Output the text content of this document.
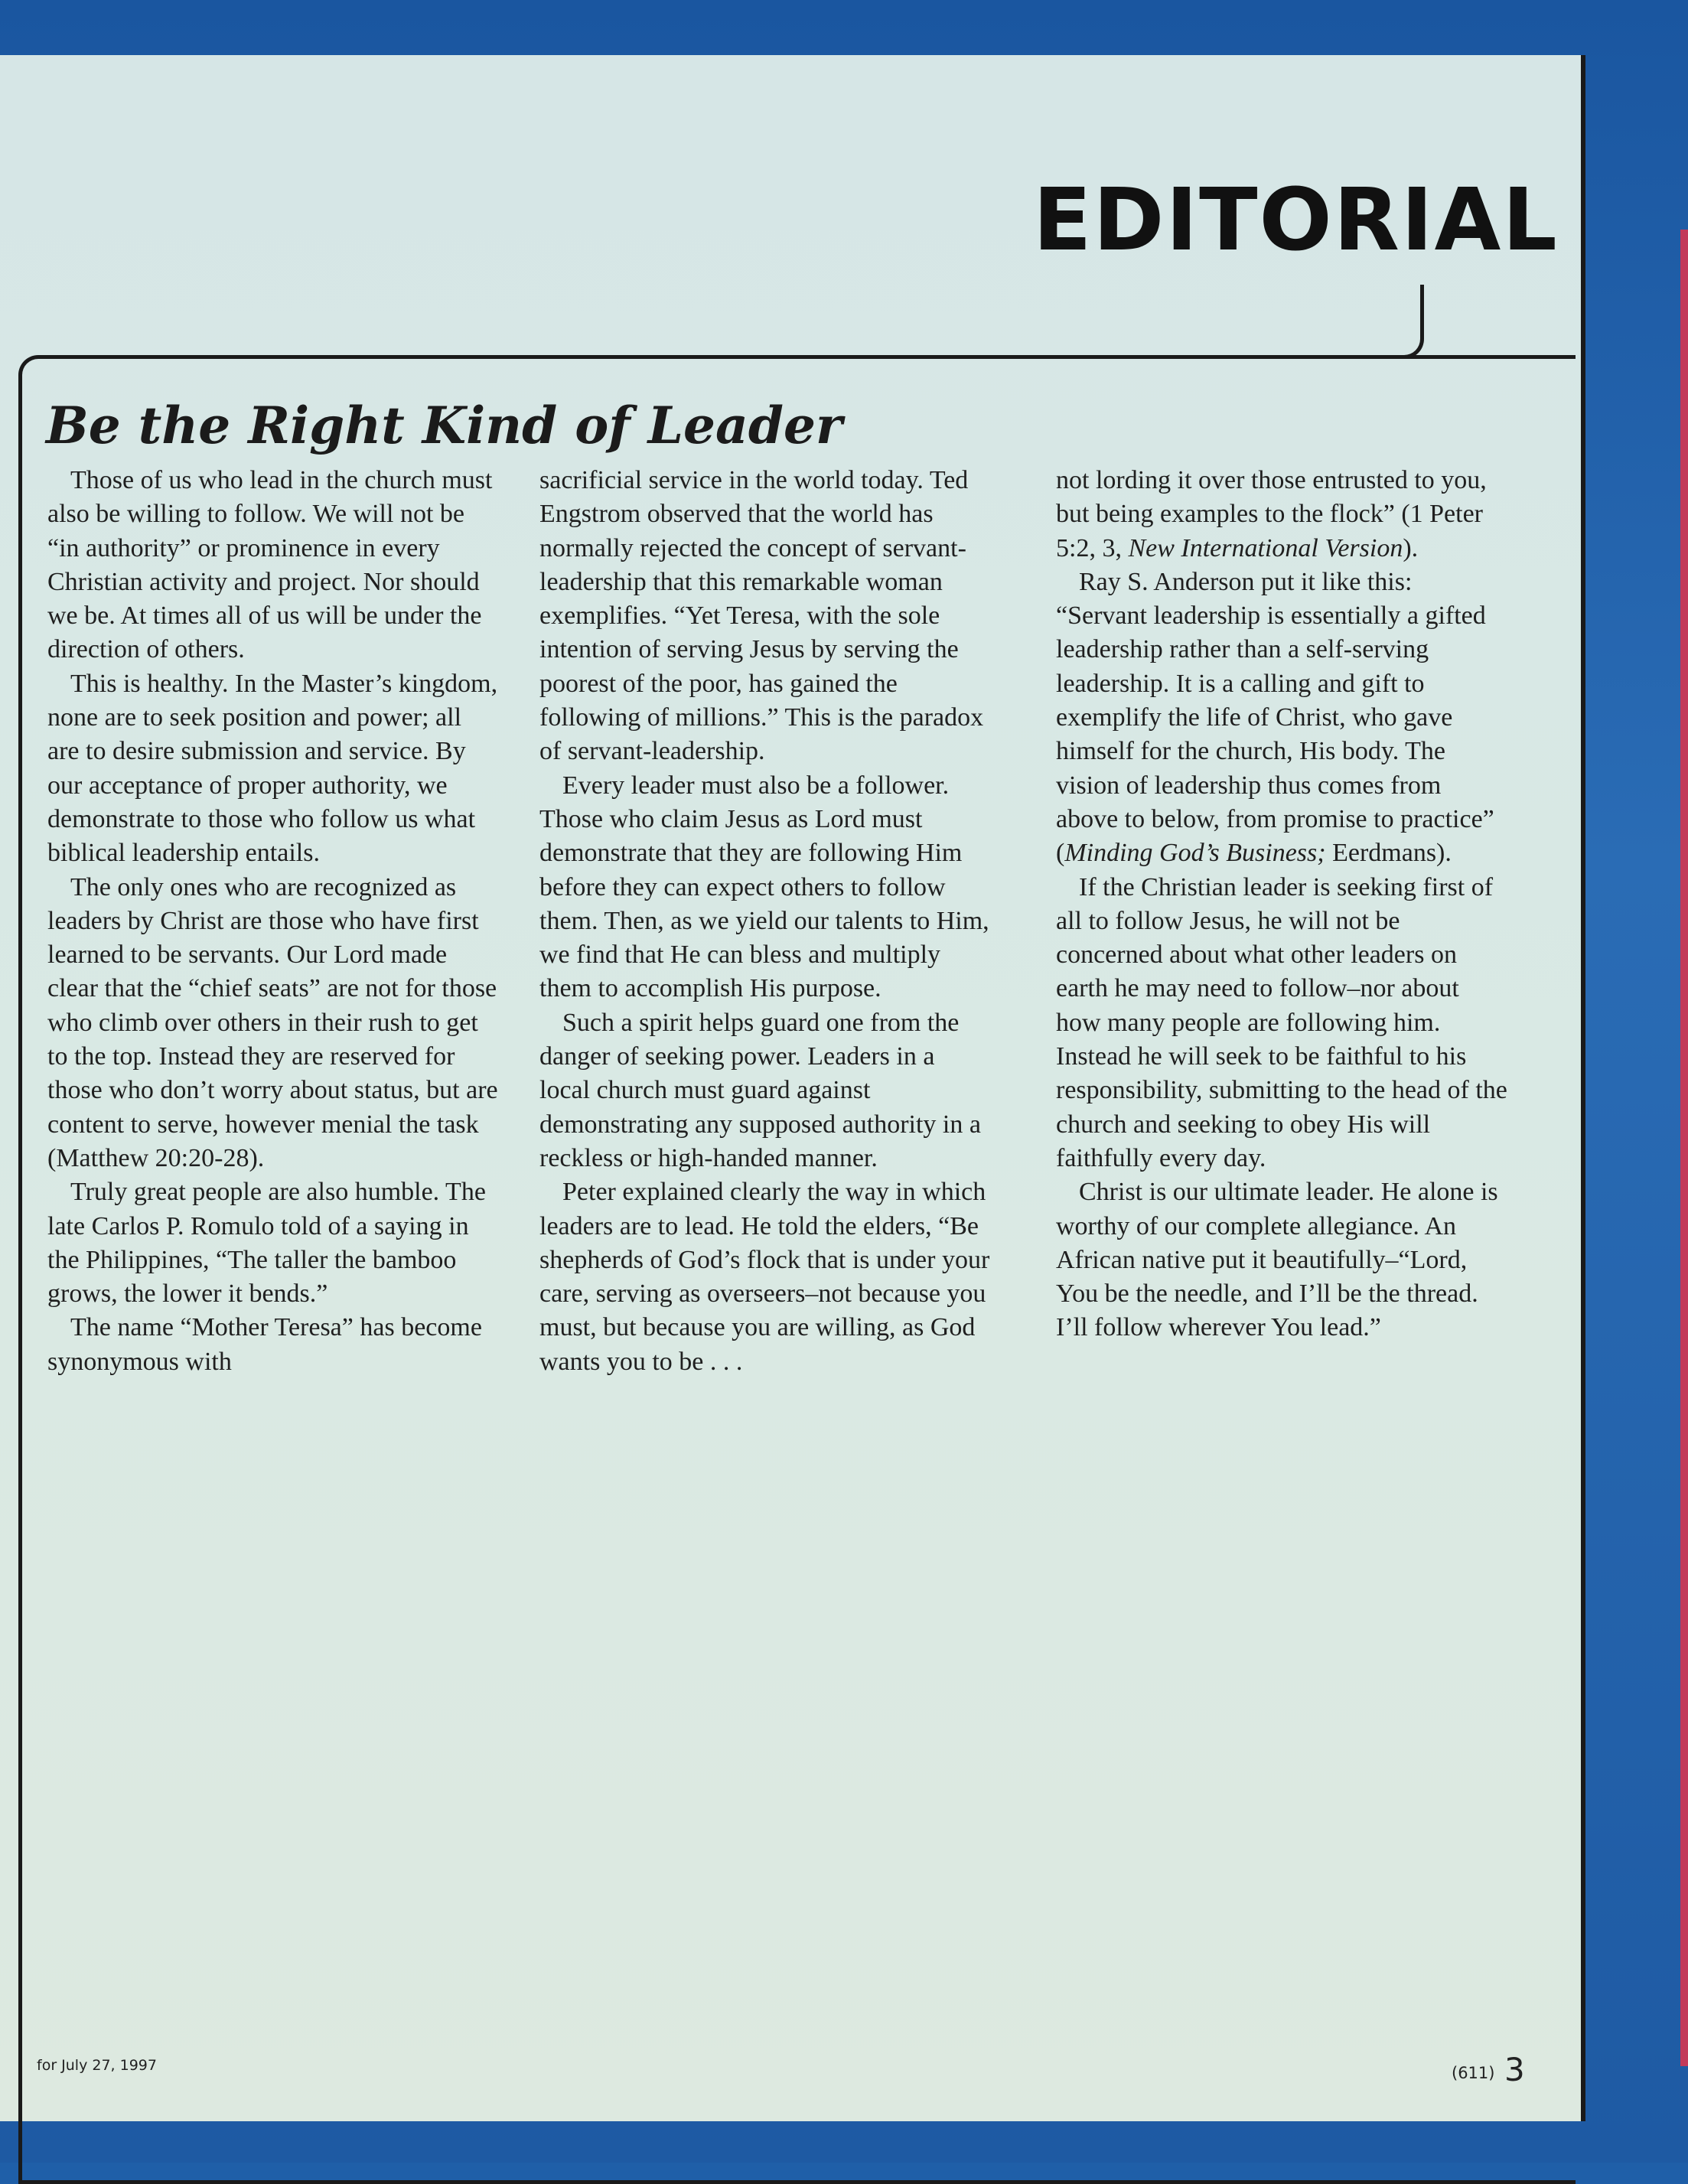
EDITORIAL
Be the Right Kind of Leader

Those of us who lead in the church must also be willing to follow. We will not be “in authority” or prominence in every Christian activity and project. Nor should we be. At times all of us will be under the direction of others.

This is healthy. In the Master’s kingdom, none are to seek position and power; all are to desire submission and service. By our acceptance of proper authority, we demonstrate to those who follow us what biblical leadership entails.

The only ones who are recognized as leaders by Christ are those who have first learned to be servants. Our Lord made clear that the “chief seats” are not for those who climb over others in their rush to get to the top. Instead they are reserved for those who don’t worry about status, but are content to serve, however menial the task (Matthew 20:20-28).

Truly great people are also humble. The late Carlos P. Romulo told of a saying in the Philippines, “The taller the bamboo grows, the lower it bends.”

The name “Mother Teresa” has become synonymous with

sacrificial service in the world today. Ted Engstrom observed that the world has normally rejected the concept of servant-leadership that this remarkable woman exemplifies. “Yet Teresa, with the sole intention of serving Jesus by serving the poorest of the poor, has gained the following of millions.” This is the paradox of servant-leadership.

Every leader must also be a follower. Those who claim Jesus as Lord must demonstrate that they are following Him before they can expect others to follow them. Then, as we yield our talents to Him, we find that He can bless and multiply them to accomplish His purpose.

Such a spirit helps guard one from the danger of seeking power. Leaders in a local church must guard against demonstrating any supposed authority in a reckless or high-handed manner.

Peter explained clearly the way in which leaders are to lead. He told the elders, “Be shepherds of God’s flock that is under your care, serving as overseers–not because you must, but because you are willing, as God wants you to be . . .

not lording it over those entrusted to you, but being examples to the flock” (1 Peter 5:2, 3, New International Version).

Ray S. Anderson put it like this: “Servant leadership is essentially a gifted leadership rather than a self-serving leadership. It is a calling and gift to exemplify the life of Christ, who gave himself for the church, His body. The vision of leadership thus comes from above to below, from promise to practice” (Minding God’s Business; Eerdmans).

If the Christian leader is seeking first of all to follow Jesus, he will not be concerned about what other leaders on earth he may need to follow–nor about how many people are following him. Instead he will seek to be faithful to his responsibility, submitting to the head of the church and seeking to obey His will faithfully every day.

Christ is our ultimate leader. He alone is worthy of our complete allegiance. An African native put it beautifully–“Lord, You be the needle, and I’ll be the thread. I’ll follow wherever You lead.”

for July 27, 1997	(611) 3
